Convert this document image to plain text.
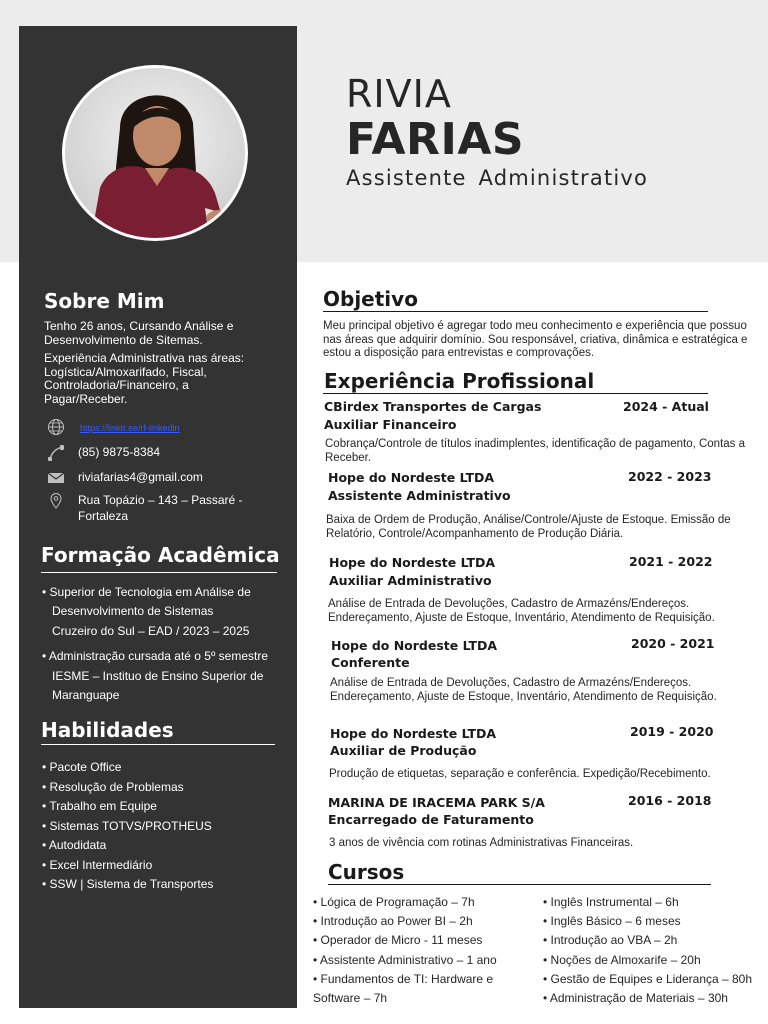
RIVIA
FARIAS
Assistente Administrativo
Sobre Mim
Tenho 26 anos, Cursando Análise e Desenvolvimento de Sitemas.
Experiência Administrativa nas áreas: Logística/Almoxarifado, Fiscal, Controladoria/Financeiro, a Pagar/Receber.
https://linktr.ee/rf-linkedin
(85) 9875-8384
riviafarias4@gmail.com
Rua Topázio – 143 – Passaré - Fortaleza
Formação Acadêmica
• Superior de Tecnologia em Análise de
Desenvolvimento de Sistemas
Cruzeiro do Sul – EAD / 2023 – 2025
• Administração cursada até o 5º semestre
IESME – Instituo de Ensino Superior de
Maranguape
Habilidades
• Pacote Office
• Resolução de Problemas
• Trabalho em Equipe
• Sistemas TOTVS/PROTHEUS
• Autodidata
• Excel Intermediário
• SSW | Sistema de Transportes
Objetivo
Meu principal objetivo é agregar todo meu conhecimento e experiência que possuo nas áreas que adquirir domínio. Sou responsável, criativa, dinâmica e estratégica e estou a disposição para entrevistas e comprovações.
Experiência Profissional
CBirdex Transportes de Cargas	2024 - Atual
Auxiliar Financeiro
Cobrança/Controle de títulos inadimplentes, identificação de pagamento, Contas a Receber.
Hope do Nordeste LTDA	2022 - 2023
Assistente Administrativo
Baixa de Ordem de Produção, Análise/Controle/Ajuste de Estoque. Emissão de Relatório, Controle/Acompanhamento de Produção Diária.
Hope do Nordeste LTDA	2021 - 2022
Auxiliar Administrativo
Análise de Entrada de Devoluções, Cadastro de Armazéns/Endereços. Endereçamento, Ajuste de Estoque, Inventário, Atendimento de Requisição.
Hope do Nordeste LTDA	2020 - 2021
Conferente
Análise de Entrada de Devoluções, Cadastro de Armazéns/Endereços. Endereçamento, Ajuste de Estoque, Inventário, Atendimento de Requisição.
Hope do Nordeste LTDA	2019 - 2020
Auxiliar de Produção
Produção de etiquetas, separação e conferência. Expedição/Recebimento.
MARINA DE IRACEMA PARK S/A	2016 - 2018
Encarregado de Faturamento
3 anos de vivência com rotinas Administrativas Financeiras.
Cursos
• Lógica de Programação – 7h
• Introdução ao Power BI – 2h
• Operador de Micro - 11 meses
• Assistente Administrativo – 1 ano
• Fundamentos de TI: Hardware e Software – 7h
• Inglês Instrumental – 6h
• Inglês Básico – 6 meses
• Introdução ao VBA – 2h
• Noções de Almoxarife – 20h
• Gestão de Equipes e Liderança – 80h
• Administração de Materiais – 30h
